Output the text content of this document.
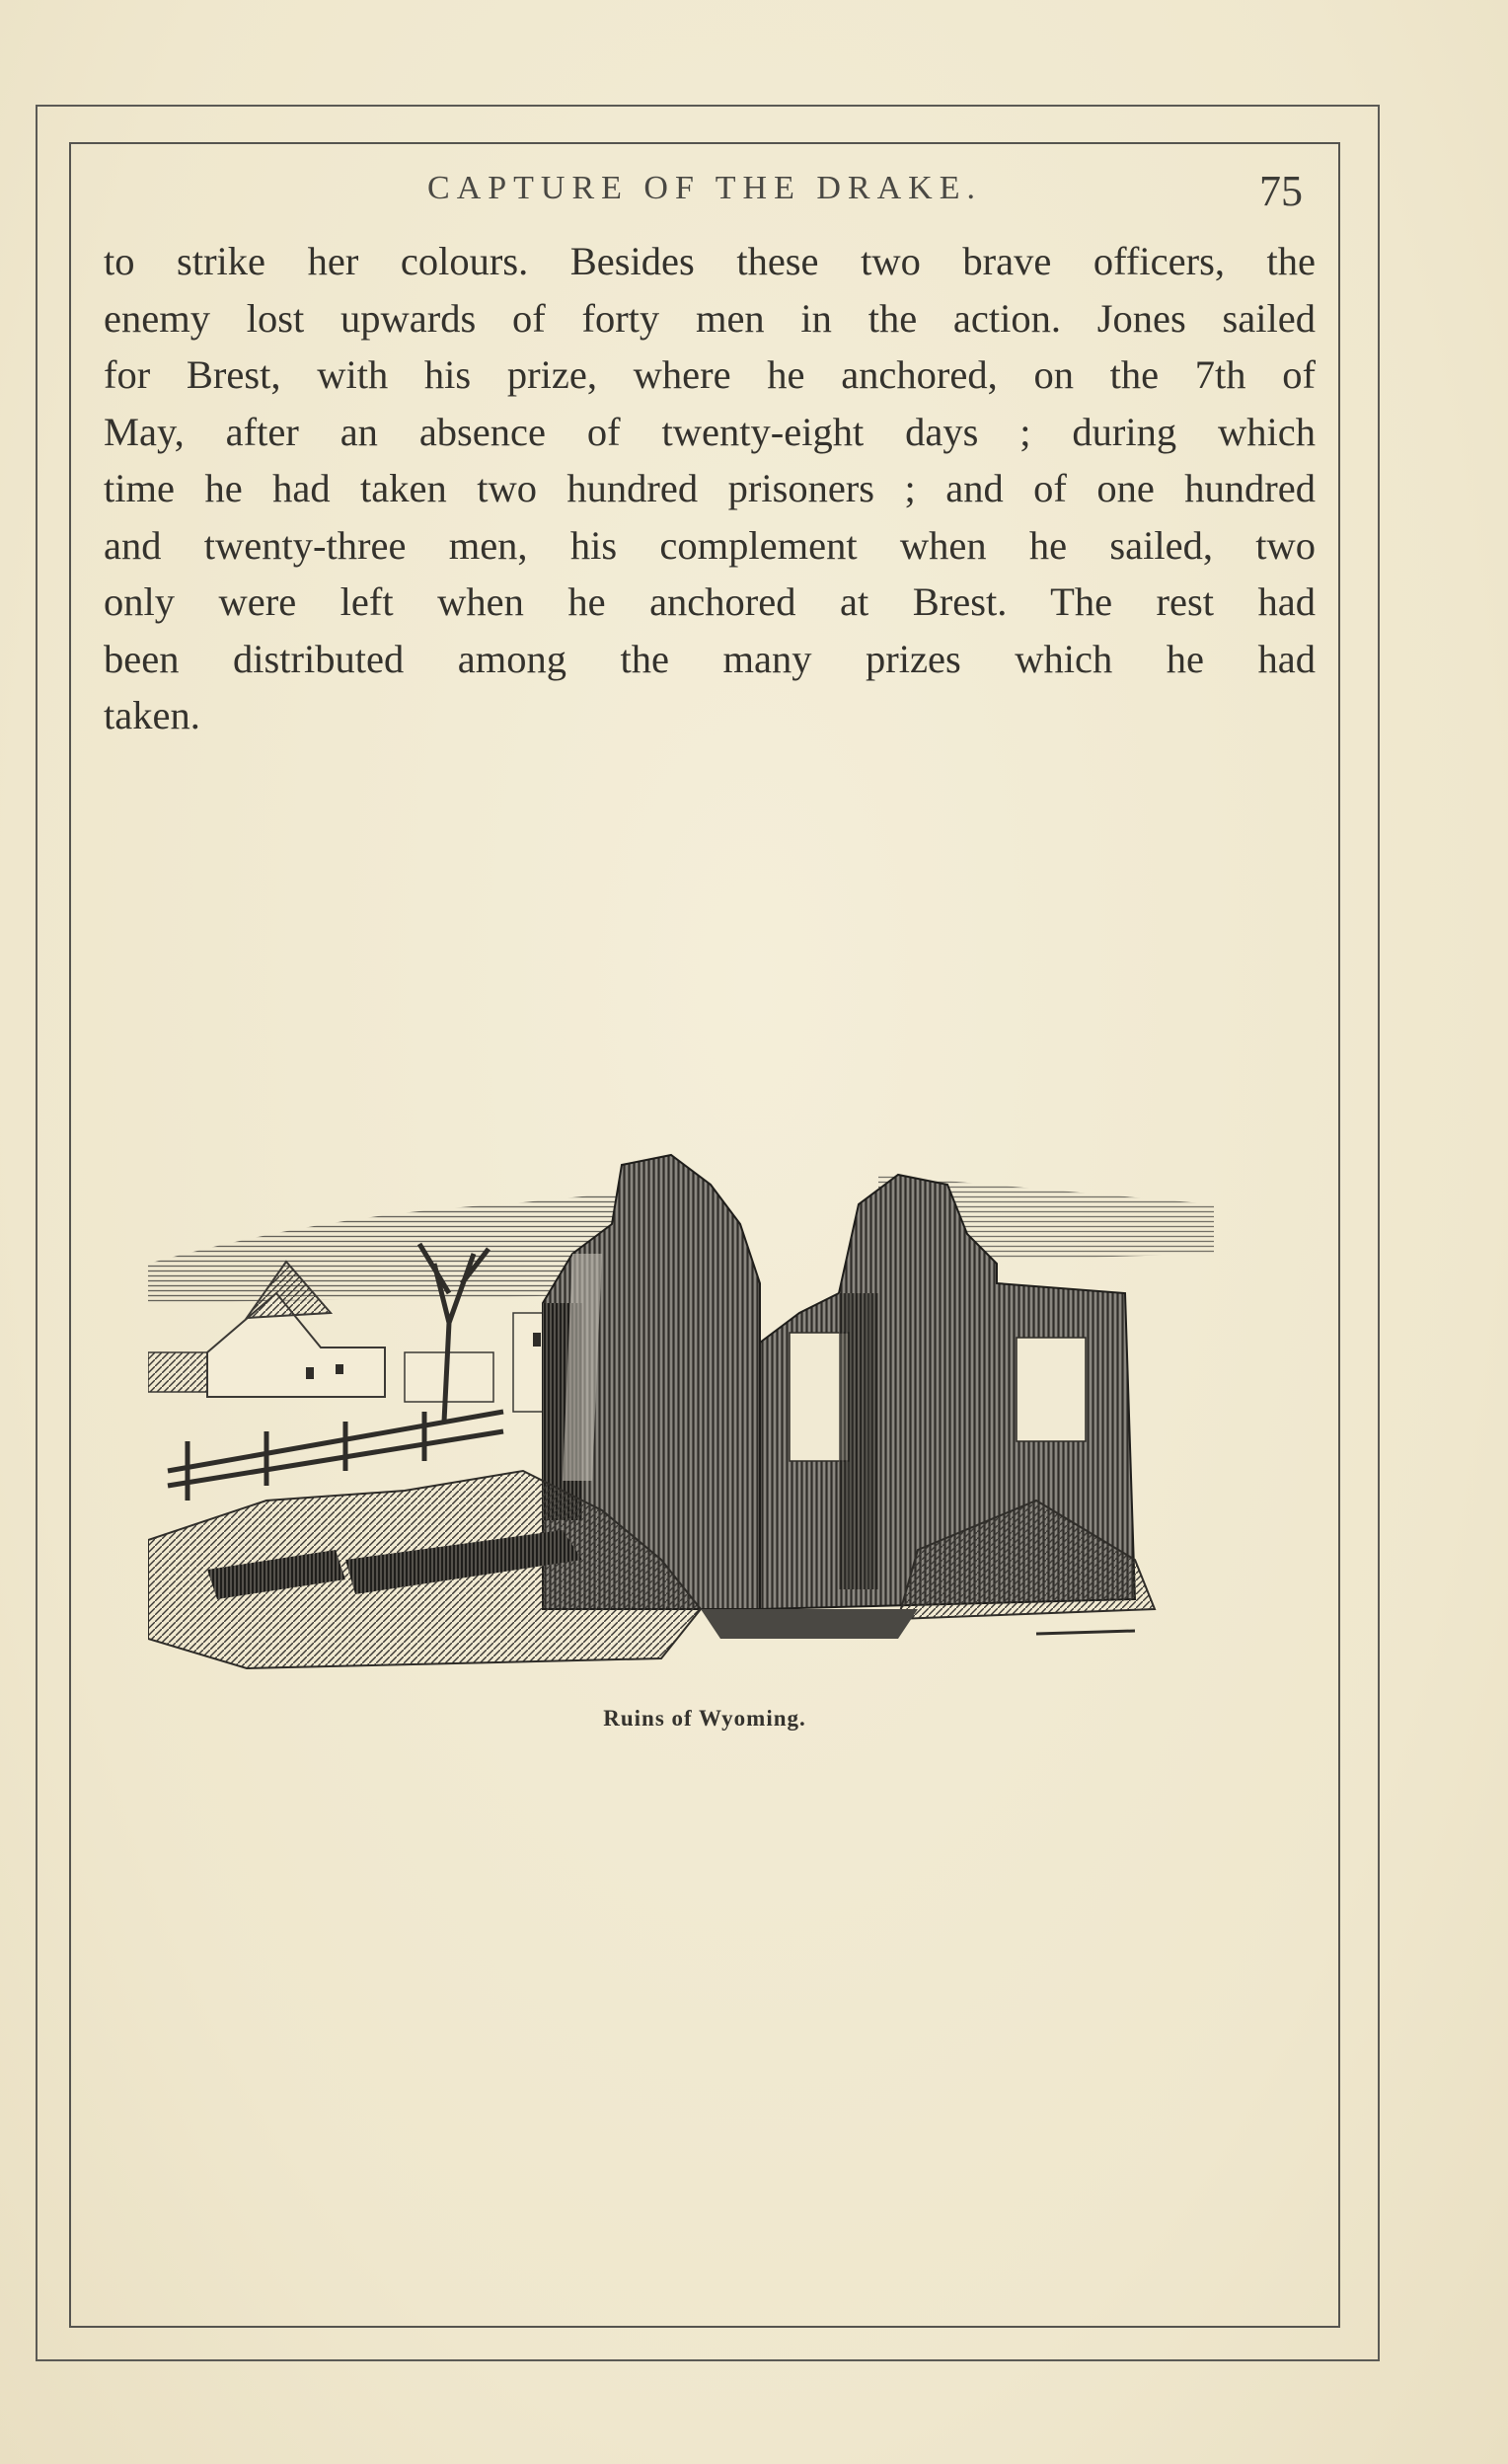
CAPTURE OF THE DRAKE.	75

to strike her colours. Besides these two brave officers, the
enemy lost upwards of forty men in the action. Jones sailed
for Brest, with his prize, where he anchored, on the 7th of
May, after an absence of twenty-eight days ; during which
time he had taken two hundred prisoners ; and of one hundred
and twenty-three men, his complement when he sailed, two
only were left when he anchored at Brest. The rest had
been distributed among the many prizes which he had
taken.

Ruins of Wyoming.
